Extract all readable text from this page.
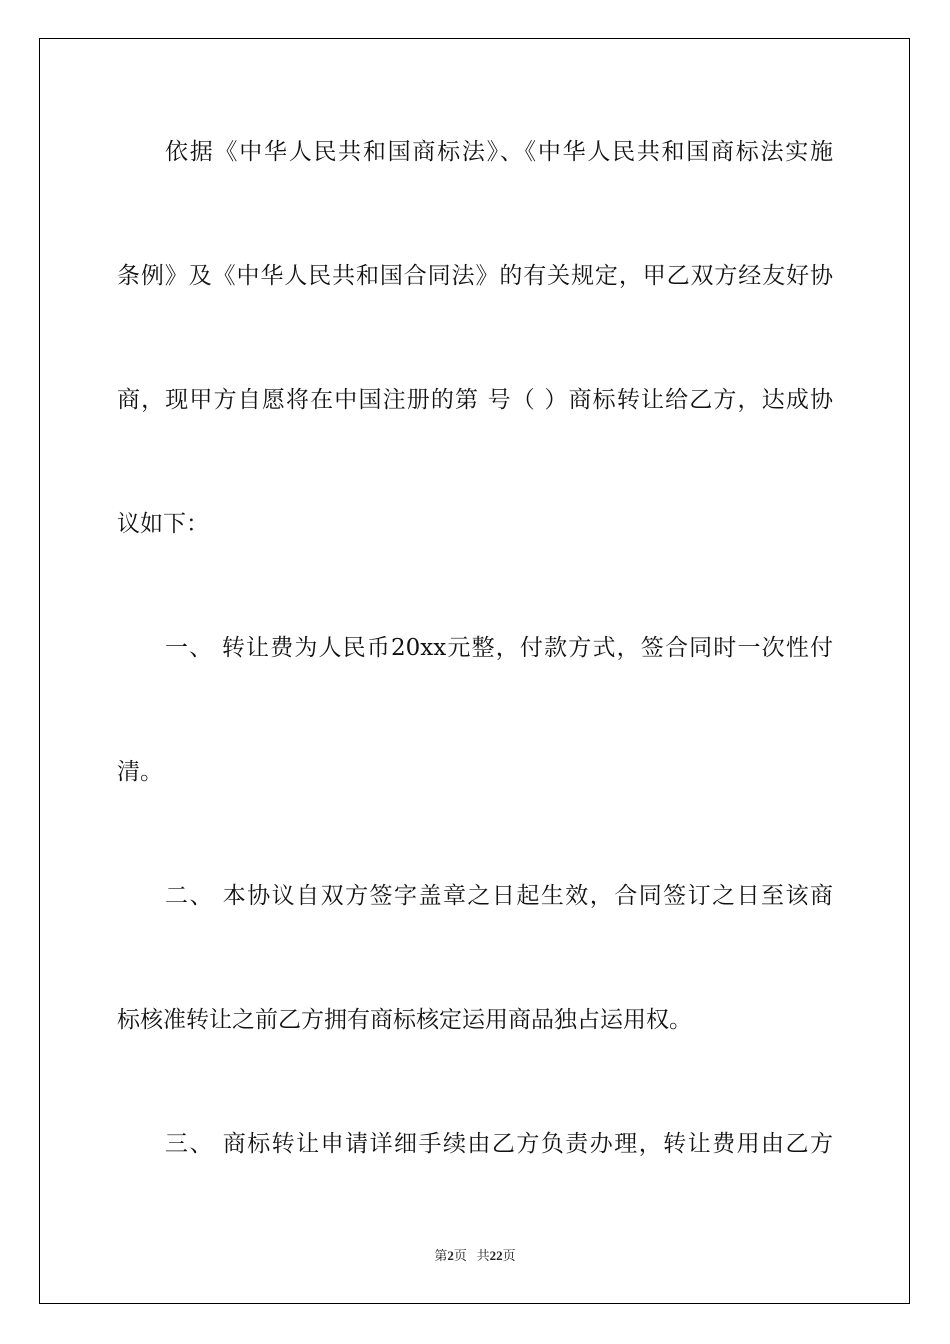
依据《中华人民共和国商标法》、《中华人民共和国商标法实施
条例》及《中华人民共和国合同法》的有关规定，甲乙双方经友好协
商，现甲方自愿将在中国注册的第 号（ ）商标转让给乙方，达成协
议如下：
一、 转让费为人民币20xx元整，付款方式，签合同时一次性付
清。
二、 本协议自双方签字盖章之日起生效，合同签订之日至该商
标核准转让之前乙方拥有商标核定运用商品独占运用权。
三、 商标转让申请详细手续由乙方负责办理，转让费用由乙方
第2页 共22页
